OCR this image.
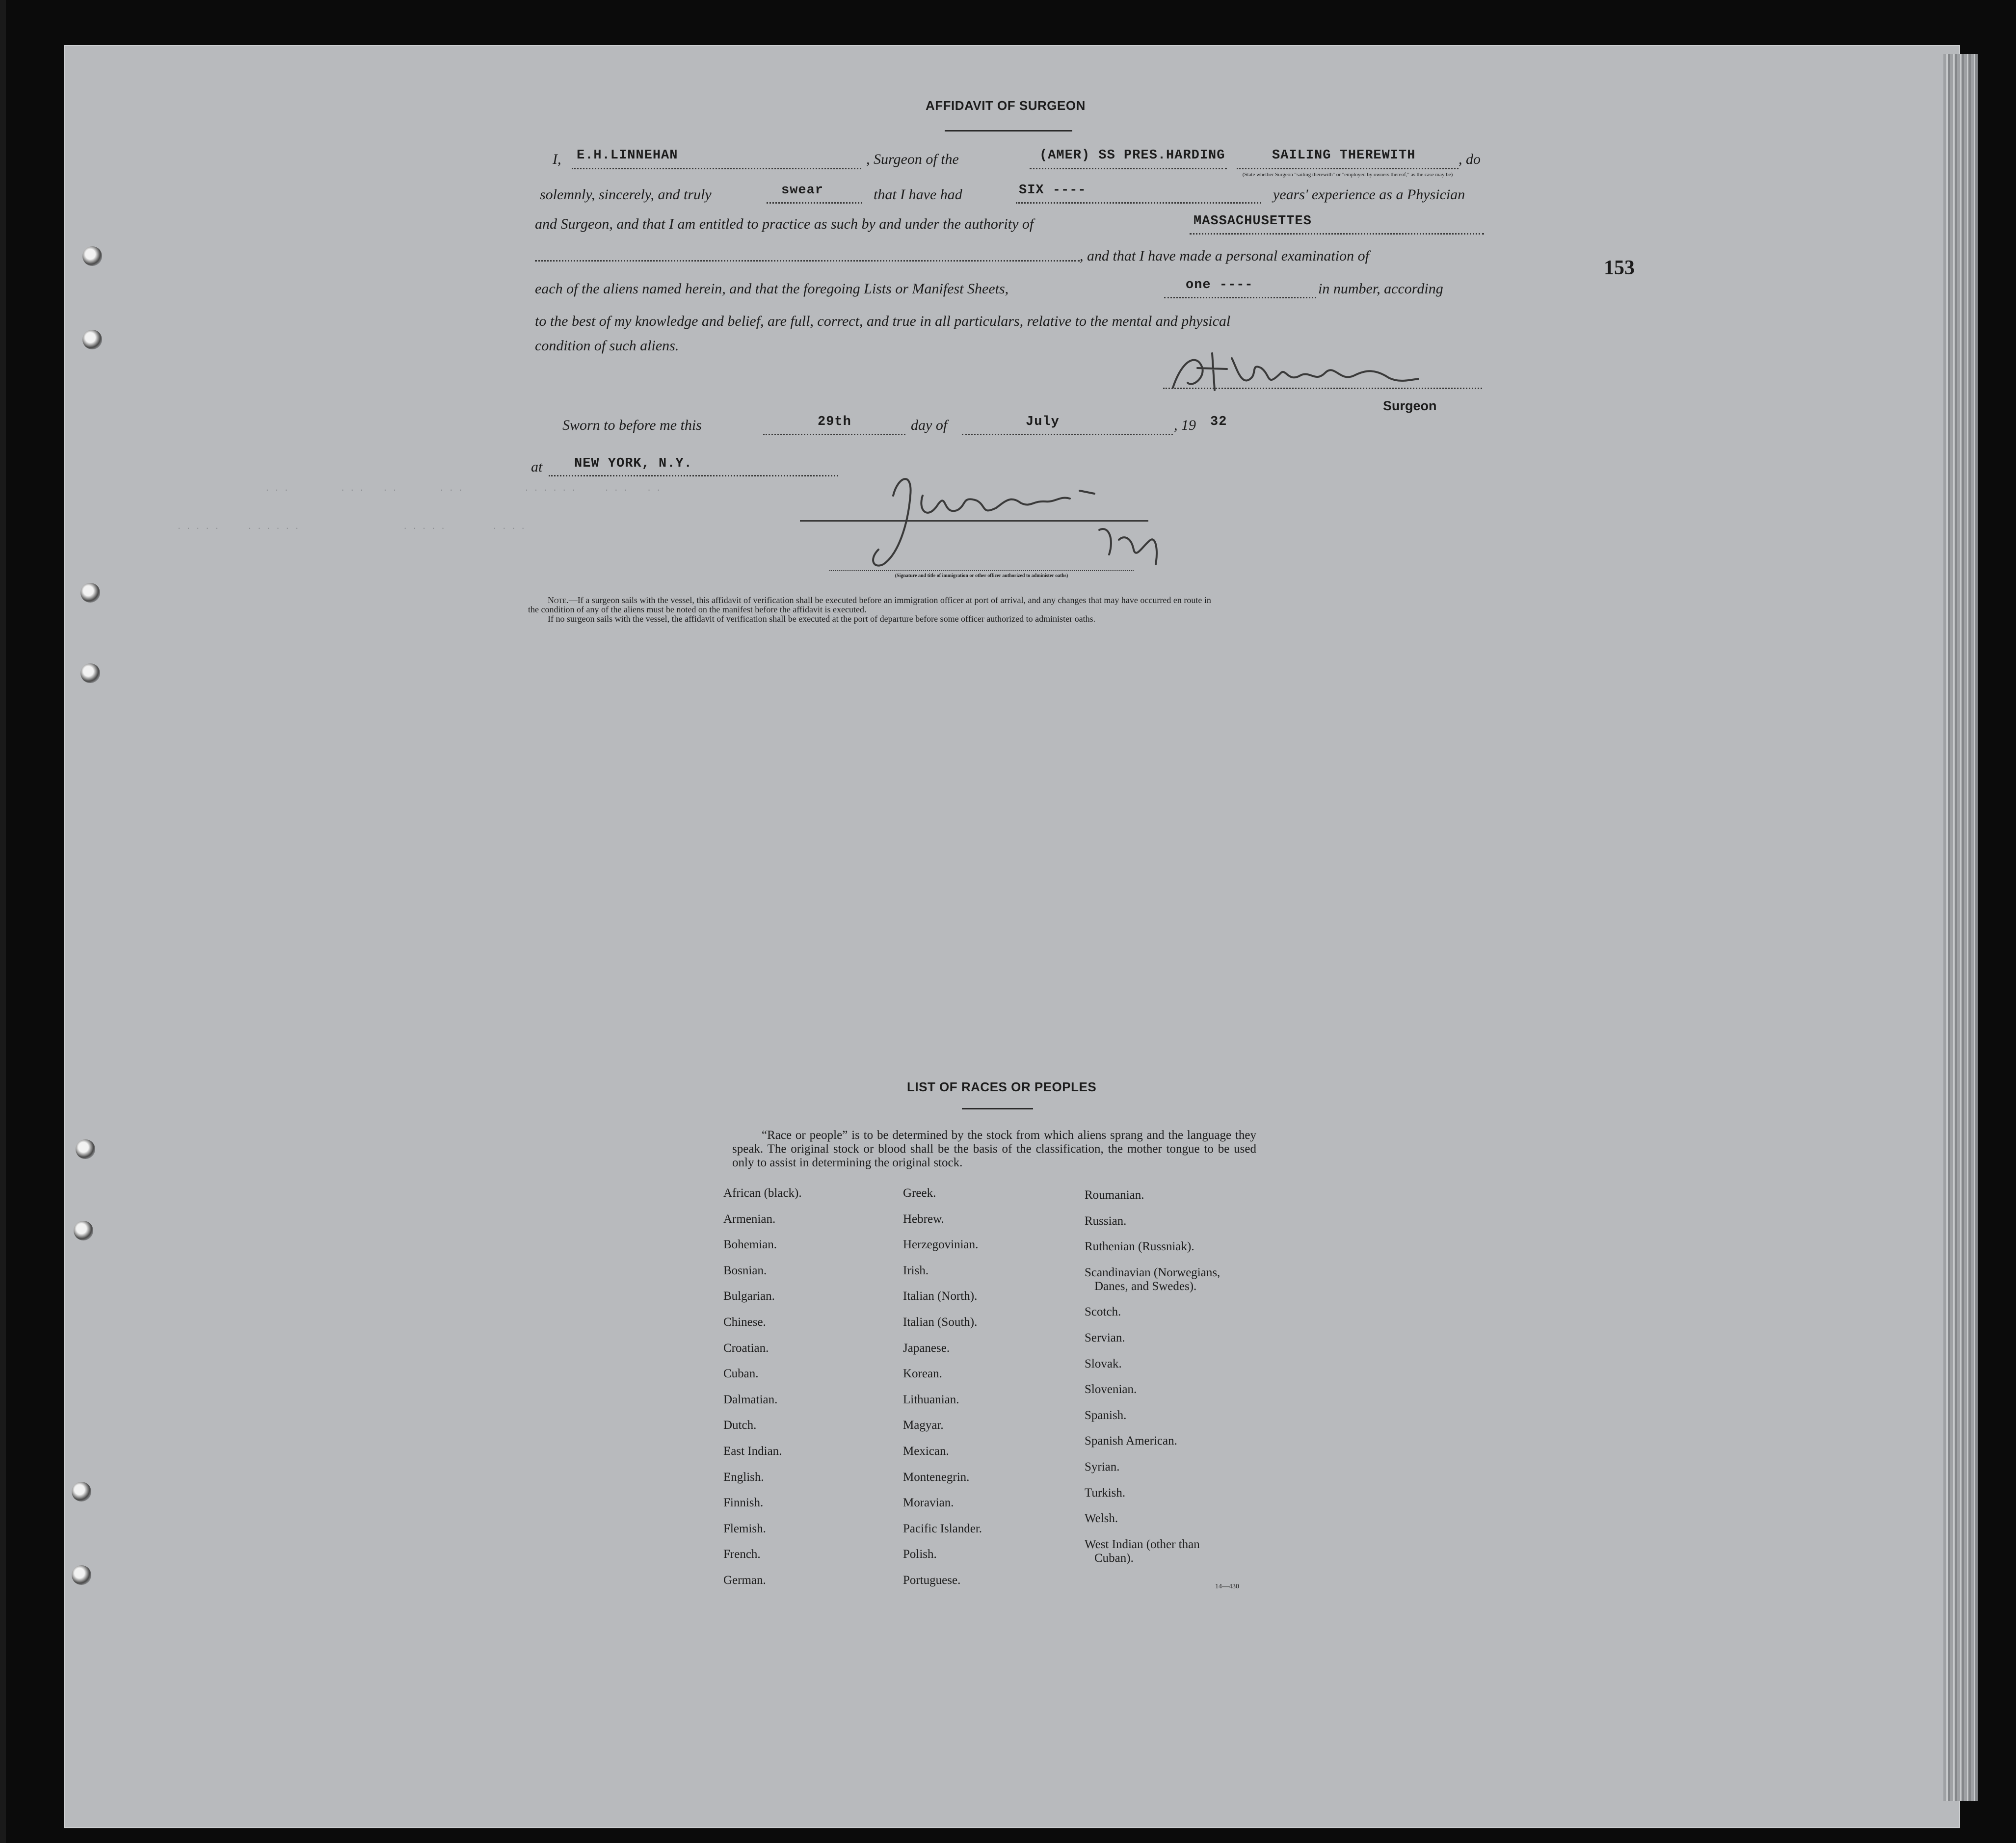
AFFIDAVIT OF SURGEON
I, E.H.LINNEHAN	, Surgeon of the	(AMER) SS PRES.HARDING	SAILING THEREWITH	, do
(State whether Surgeon "sailing therewith" or "employed by owners thereof," as the case may be)
solemnly, sincerely, and truly	swear	that I have had	SIX ----	years' experience as a Physician
and Surgeon, and that I am entitled to practice as such by and under the authority of	MASSACHUSETTES
, and that I have made a personal examination of
each of the aliens named herein, and that the foregoing Lists or Manifest Sheets,	one ----	in number, according
to the best of my knowledge and belief, are full, correct, and true in all particulars, relative to the mental and physical
condition of such aliens.
Surgeon
Sworn to before me this	29th	day of	July	, 19 32
at NEW YORK, N.Y.
· · ·           · · ·    · ·         · · ·             · · · · · ·      · · ·    · ·
· · · · ·      · · · · · ·                      · · · · ·          · · · ·
(Signature and title of immigration or other officer authorized to administer oaths)
Note.—If a surgeon sails with the vessel, this affidavit of verification shall be executed before an immigration officer at port of arrival, and any changes that may have occurred en route in
the condition of any of the aliens must be noted on the manifest before the affidavit is executed.
If no surgeon sails with the vessel, the affidavit of verification shall be executed at the port of departure before some officer authorized to administer oaths.
153
LIST OF RACES OR PEOPLES
“Race or people” is to be determined by the stock from which aliens sprang and the language they speak. The original stock or blood shall be the basis of the classification, the mother tongue to be used only to assist in determining the original stock.
African (black).
Armenian.
Bohemian.
Bosnian.
Bulgarian.
Chinese.
Croatian.
Cuban.
Dalmatian.
Dutch.
East Indian.
English.
Finnish.
Flemish.
French.
German.
Greek.
Hebrew.
Herzegovinian.
Irish.
Italian (North).
Italian (South).
Japanese.
Korean.
Lithuanian.
Magyar.
Mexican.
Montenegrin.
Moravian.
Pacific Islander.
Polish.
Portuguese.
Roumanian.
Russian.
Ruthenian (Russniak).
Scandinavian (Norwegians,
Danes, and Swedes).
Scotch.
Servian.
Slovak.
Slovenian.
Spanish.
Spanish American.
Syrian.
Turkish.
Welsh.
West Indian (other than
Cuban).
14—430
